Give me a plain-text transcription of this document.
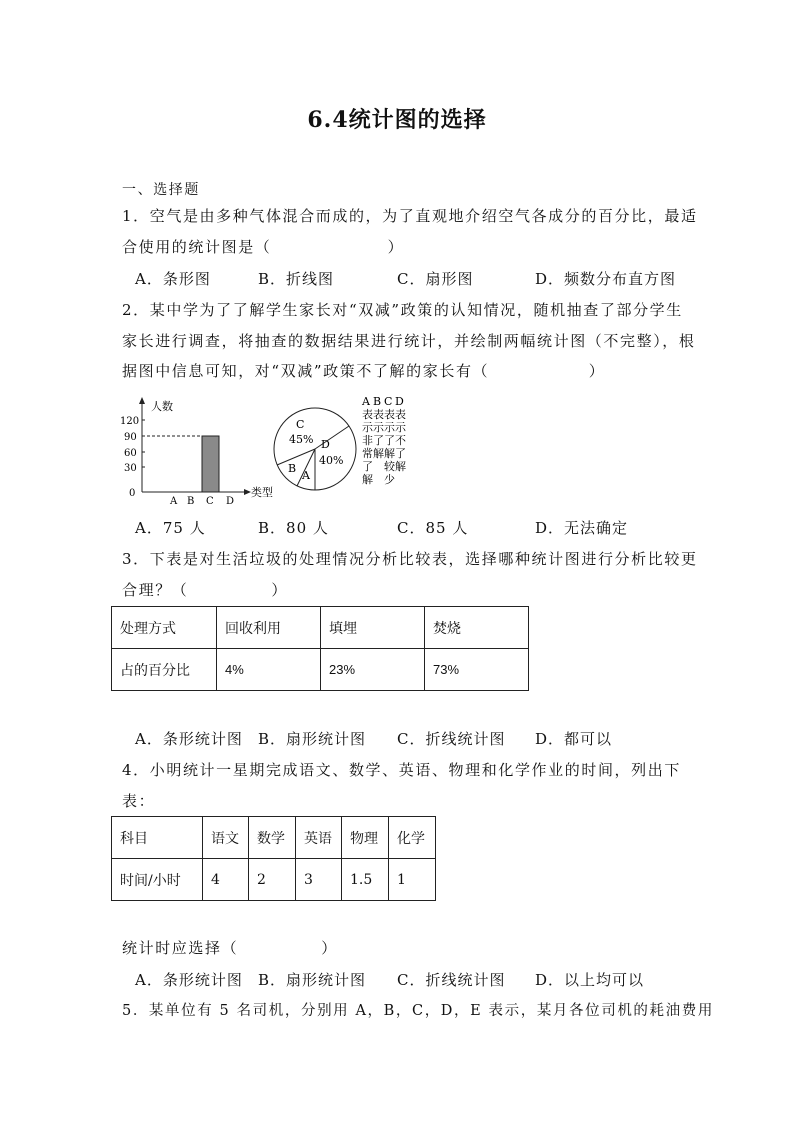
6.4统计图的选择
一、选择题
1．空气是由多种气体混合而成的，为了直观地介绍空气各成分的百分比，最适
合使用的统计图是（　　　　　　　）
A．条形图	B．折线图	C．扇形图	D．频数分布直方图
2．某中学为了了解学生家长对“双减”政策的认知情况，随机抽查了部分学生
家长进行调查，将抽查的数据结果进行统计，并绘制两幅统计图（不完整），根
据图中信息可知，对“双减”政策不了解的家长有（　　　　　　）
人数
类型
0
30
60
90
120
A B C D
C
45% D
40%
B
A
A 表示非常了解
B 表示了解
C 表示了解较少
D 表示不了解
A．75 人	B．80 人	C．85 人	D．无法确定
3．下表是对生活垃圾的处理情况分析比较表，选择哪种统计图进行分析比较更
合理？（　　　　　）
处理方式	回收利用	填埋	焚烧
占的百分比	4%	23%	73%
A．条形统计图 B．扇形统计图 C．折线统计图 D．都可以
4．小明统计一星期完成语文、数学、英语、物理和化学作业的时间，列出下
表：
科目	语文	数学	英语	物理	化学
时间/小时	4	2	3	1.5	1
统计时应选择（　　　　　）
A．条形统计图 B．扇形统计图 C．折线统计图 D．以上均可以
5．某单位有 5 名司机，分别用 A，B，C，D，E 表示，某月各位司机的耗油费用
